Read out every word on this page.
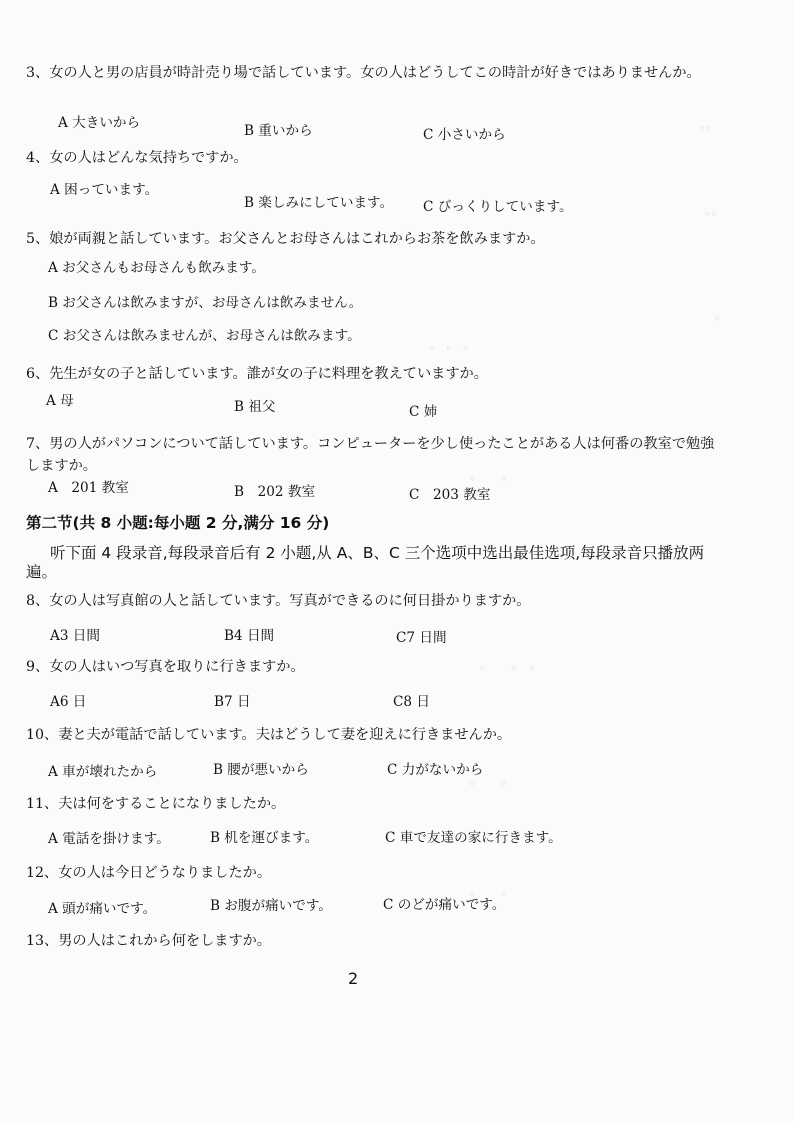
。。
。。
。
。 。 。
。　　。
。　　。　。
。　　。
。　　。
3、女の人と男の店員が時計売り場で話しています。女の人はどうしてこの時計が好きではありませんか。
A 大きいから	B 重いから	C 小さいから
4、女の人はどんな気持ちですか。
A 困っています。
B 楽しみにしています。 C びっくりしています。
5、娘が両親と話しています。お父さんとお母さんはこれからお茶を飲みますか。
A お父さんもお母さんも飲みます。
B お父さんは飲みますが、お母さんは飲みません。
C お父さんは飲みませんが、お母さんは飲みます。
6、先生が女の子と話しています。誰が女の子に料理を教えていますか。
A 母	B 祖父	C 姉
7、男の人がパソコンについて話しています。コンピューターを少し使ったことがある人は何番の教室で勉強しますか。
A　201 教室	B　202 教室	C　203 教室
第二节(共 8 小题:每小题 2 分,满分 16 分)
听下面 4 段录音,每段录音后有 2 小题,从 A、B、C 三个选项中选出最佳选项,每段录音只播放两遍。
8、女の人は写真館の人と話しています。写真ができるのに何日掛かりますか。
A3 日間	B4 日間	C7 日間
9、女の人はいつ写真を取りに行きますか。
A6 日	B7 日	C8 日
10、妻と夫が電話で話しています。夫はどうして妻を迎えに行きませんか。
A 車が壊れたから	B 腰が悪いから	C 力がないから
11、夫は何をすることになりましたか。
A 電話を掛けます。	B 机を運びます。	C 車で友達の家に行きます。
12、女の人は今日どうなりましたか。
A 頭が痛いです。	B お腹が痛いです。	C のどが痛いです。
13、男の人はこれから何をしますか。
2
